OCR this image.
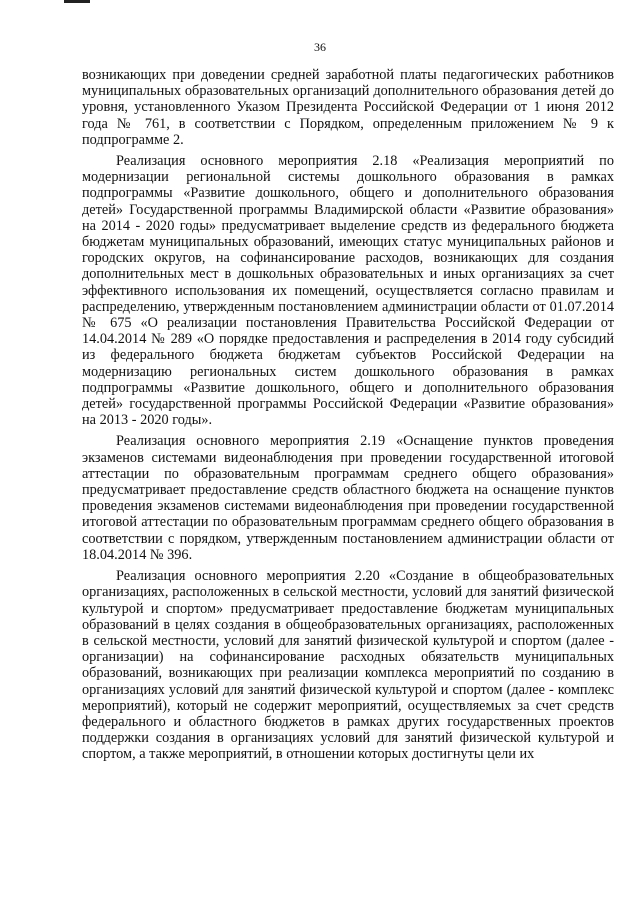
36

возникающих при доведении средней заработной платы педагогических работников муниципальных образовательных организаций дополнительного образования детей до уровня, установленного Указом Президента Российской Федерации от 1 июня 2012 года № 761, в соответствии с Порядком, определенным приложением № 9 к подпрограмме 2.

Реализация основного мероприятия 2.18 «Реализация мероприятий по модернизации региональной системы дошкольного образования в рамках подпрограммы «Развитие дошкольного, общего и дополнительного образования детей» Государственной программы Владимирской области «Развитие образования» на 2014 - 2020 годы» предусматривает выделение средств из федерального бюджета бюджетам муниципальных образований, имеющих статус муниципальных районов и городских округов, на софинансирование расходов, возникающих для создания дополнительных мест в дошкольных образовательных и иных организациях за счет эффективного использования их помещений, осуществляется согласно правилам и распределению, утвержденным постановлением администрации области от 01.07.2014 № 675 «О реализации постановления Правительства Российской Федерации от 14.04.2014 № 289 «О порядке предоставления и распределения в 2014 году субсидий из федерального бюджета бюджетам субъектов Российской Федерации на модернизацию региональных систем дошкольного образования в рамках подпрограммы «Развитие дошкольного, общего и дополнительного образования детей» государственной программы Российской Федерации «Развитие образования» на 2013 - 2020 годы».

Реализация основного мероприятия 2.19 «Оснащение пунктов проведения экзаменов системами видеонаблюдения при проведении государственной итоговой аттестации по образовательным программам среднего общего образования» предусматривает предоставление средств областного бюджета на оснащение пунктов проведения экзаменов системами видеонаблюдения при проведении государственной итоговой аттестации по образовательным программам среднего общего образования в соответствии с порядком, утвержденным постановлением администрации области от 18.04.2014 № 396.

Реализация основного мероприятия 2.20 «Создание в общеобразовательных организациях, расположенных в сельской местности, условий для занятий физической культурой и спортом» предусматривает предоставление бюджетам муниципальных образований в целях создания в общеобразовательных организациях, расположенных в сельской местности, условий для занятий физической культурой и спортом (далее - организации) на софинансирование расходных обязательств муниципальных образований, возникающих при реализации комплекса мероприятий по созданию в организациях условий для занятий физической культурой и спортом (далее - комплекс мероприятий), который не содержит мероприятий, осуществляемых за счет средств федерального и областного бюджетов в рамках других государственных проектов поддержки создания в организациях условий для занятий физической культурой и спортом, а также мероприятий, в отношении которых достигнуты цели их
